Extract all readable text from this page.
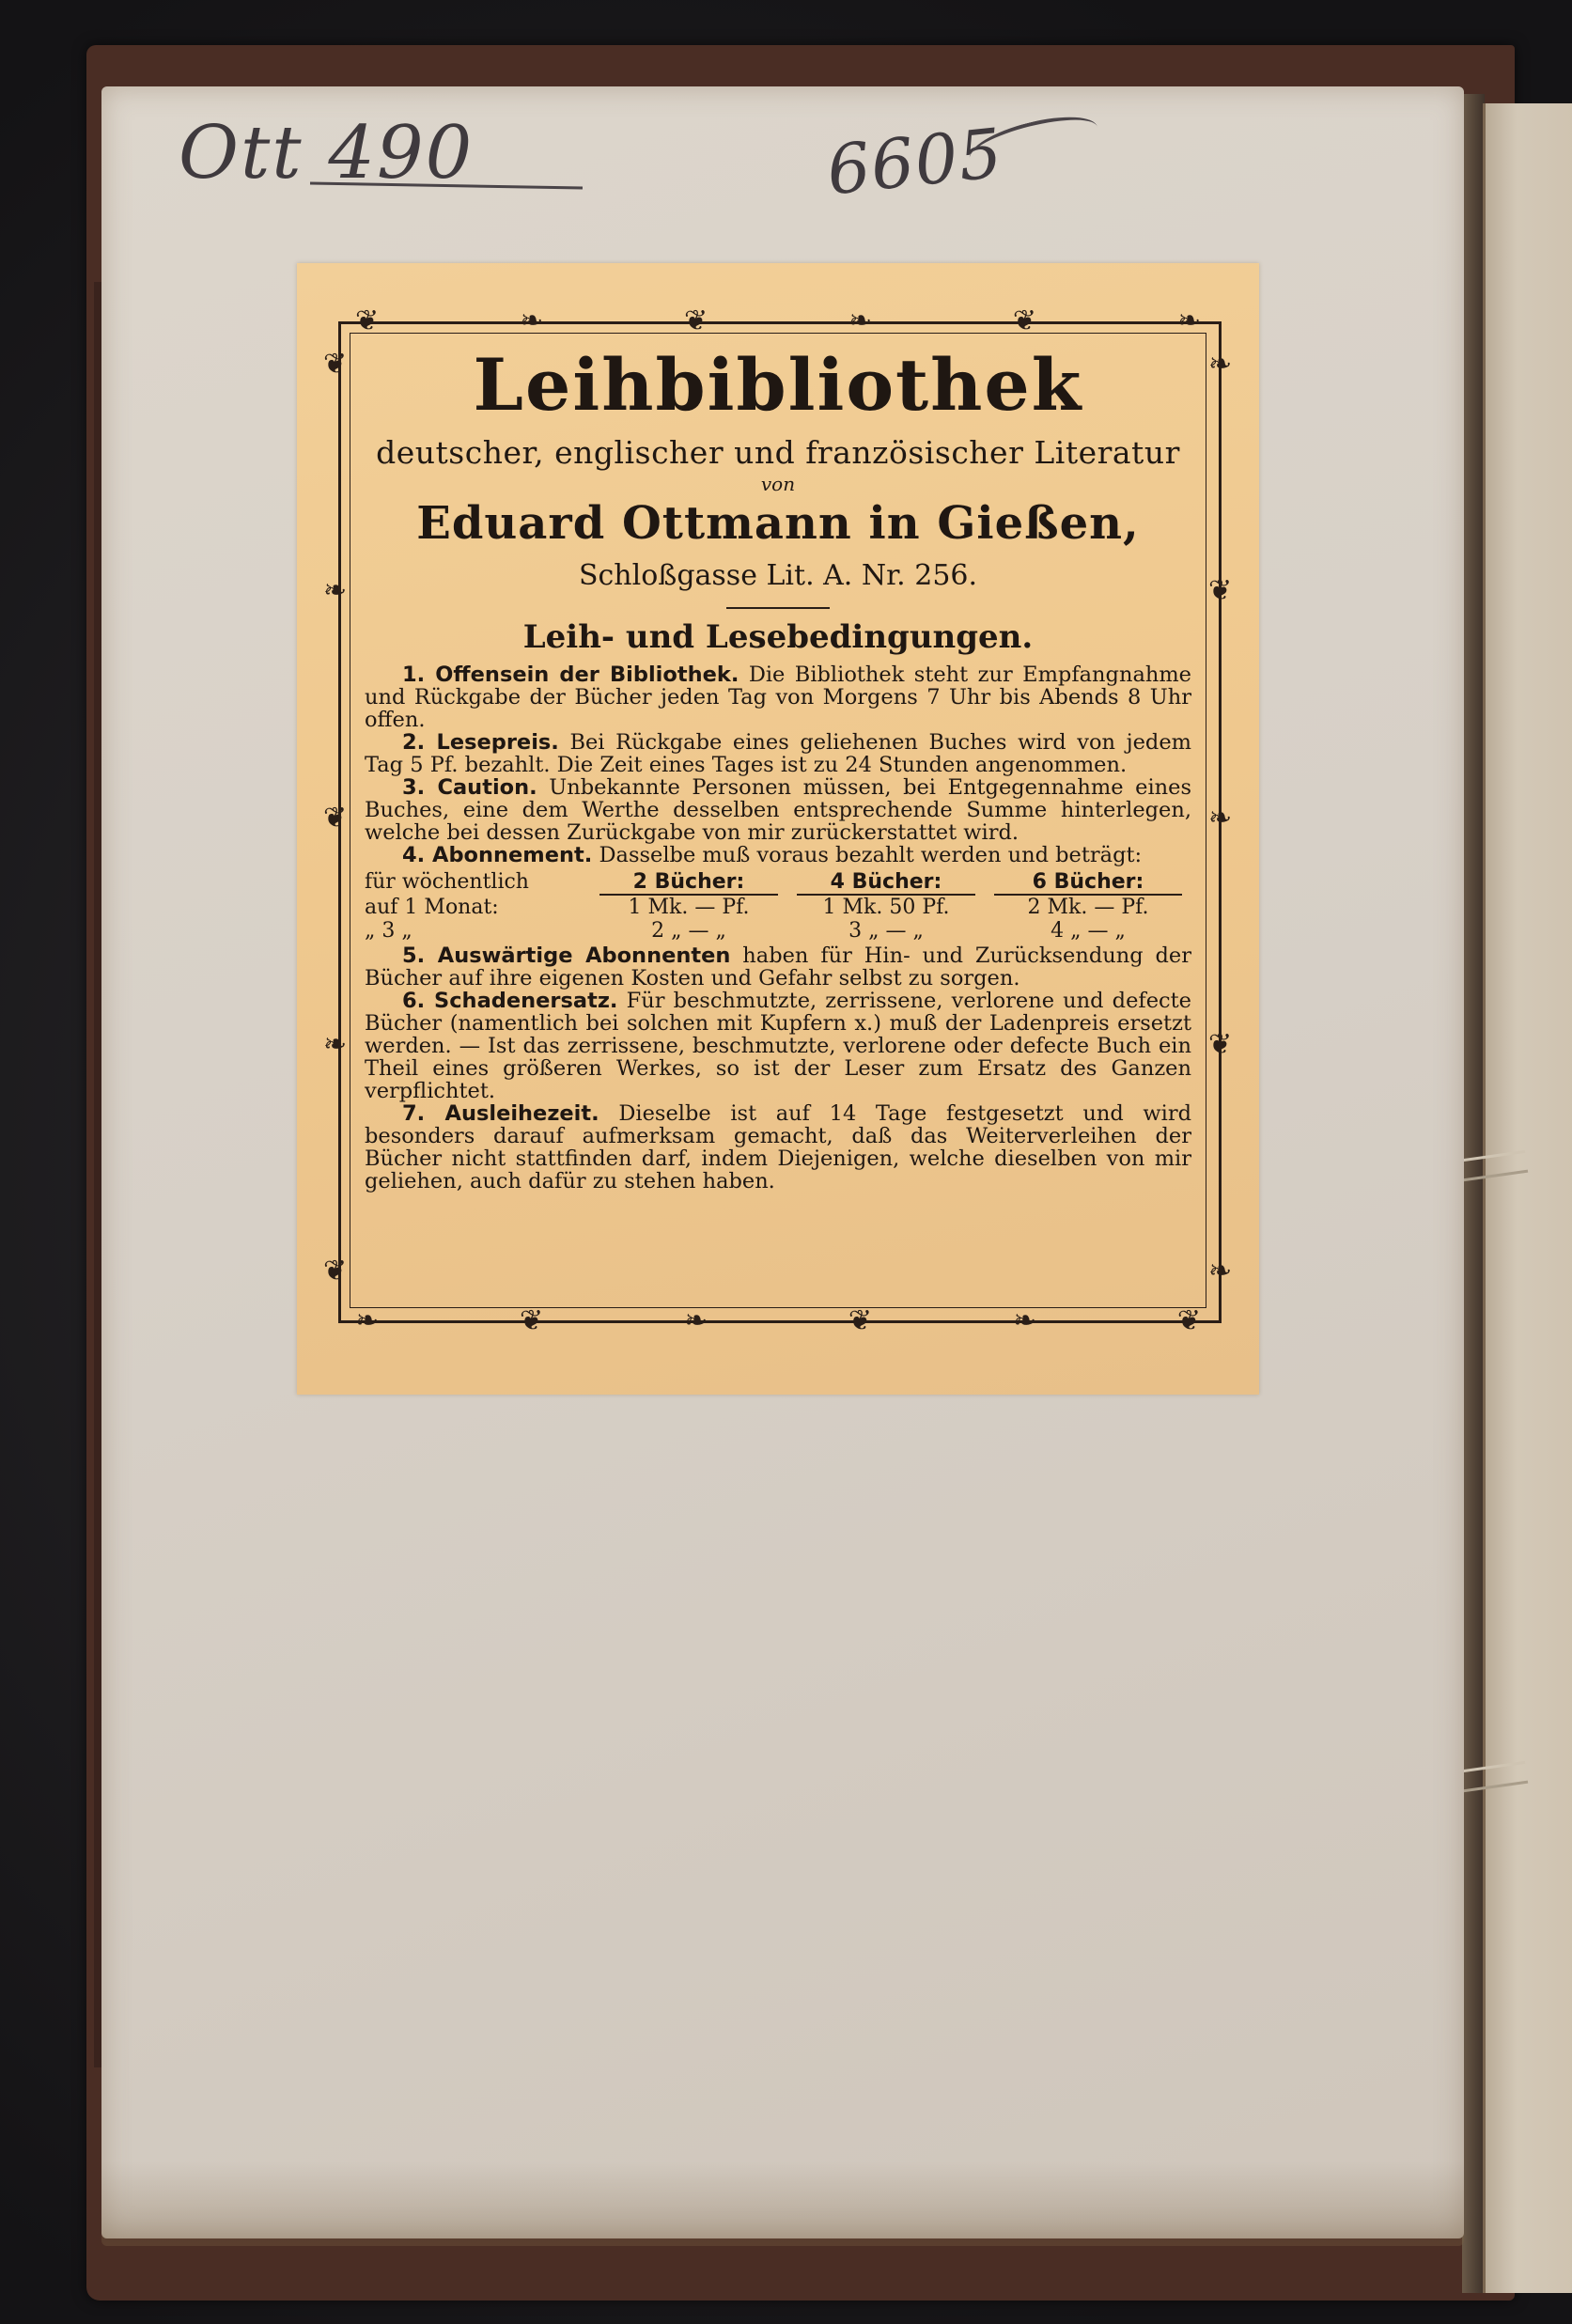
Ott 490	6605
❦	❧	❦	❧	❦	❧
❧	❦	❧	❦	❧	❦
❦
❧
❦
❧
❦
❧
❦
❧
❦
❧
Leihbibliothek
deutscher, englischer und französischer Literatur
von
Eduard Ottmann in Gießen,
Schloßgasse Lit. A. Nr. 256.
Leih- und Lesebedingungen.

1. Offensein der Bibliothek. Die Bibliothek steht zur Empfangnahme und Rückgabe der Bücher jeden Tag von Morgens 7 Uhr bis Abends 8 Uhr offen.

2. Lesepreis. Bei Rückgabe eines geliehenen Buches wird von jedem Tag 5 Pf. bezahlt. Die Zeit eines Tages ist zu 24 Stunden angenommen.

3. Caution. Unbekannte Personen müssen, bei Entgegennahme eines Buches, eine dem Werthe desselben entsprechende Summe hinterlegen, welche bei dessen Zurückgabe von mir zurückerstattet wird.

4. Abonnement. Dasselbe muß voraus bezahlt werden und beträgt:

für wöchentlich	2 Bücher:	4 Bücher:	6 Bücher:
auf 1 Monat:	1 Mk. — Pf.	1 Mk. 50 Pf.	2 Mk. — Pf.
„ 3 „	2 „ — „	3 „ — „	4 „ — „

5. Auswärtige Abonnenten haben für Hin- und Zurücksendung der Bücher auf ihre eigenen Kosten und Gefahr selbst zu sorgen.

6. Schadenersatz. Für beschmutzte, zerrissene, verlorene und defecte Bücher (namentlich bei solchen mit Kupfern x.) muß der Ladenpreis ersetzt werden. — Ist das zerrissene, beschmutzte, verlorene oder defecte Buch ein Theil eines größeren Werkes, so ist der Leser zum Ersatz des Ganzen verpflichtet.

7. Ausleihezeit. Dieselbe ist auf 14 Tage festgesetzt und wird besonders darauf aufmerksam gemacht, daß das Weiterverleihen der Bücher nicht stattfinden darf, indem Diejenigen, welche dieselben von mir geliehen, auch dafür zu stehen haben.
